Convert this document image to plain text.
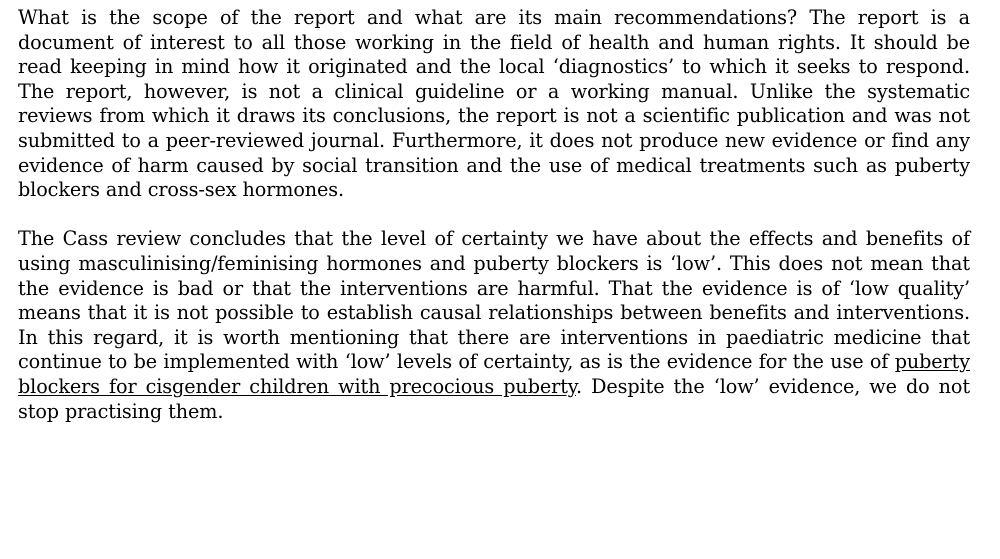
What is the scope of the report and what are its main recommendations? The report is a document of interest to all those working in the field of health and human rights. It should be read keeping in mind how it originated and the local ‘diagnostics’ to which it seeks to respond. The report, however, is not a clinical guideline or a working manual. Unlike the systematic reviews from which it draws its conclusions, the report is not a scientific publication and was not submitted to a peer-reviewed journal. Furthermore, it does not produce new evidence or find any evidence of harm caused by social transition and the use of medical treatments such as puberty blockers and cross-sex hormones.

The Cass review concludes that the level of certainty we have about the effects and benefits of using masculinising/feminising hormones and puberty blockers is ‘low’. This does not mean that the evidence is bad or that the interventions are harmful. That the evidence is of ‘low quality’ means that it is not possible to establish causal relationships between benefits and interventions. In this regard, it is worth mentioning that there are interventions in paediatric medicine that continue to be implemented with ‘low’ levels of certainty, as is the evidence for the use of puberty blockers for cisgender children with precocious puberty. Despite the ‘low’ evidence, we do not stop practising them.
